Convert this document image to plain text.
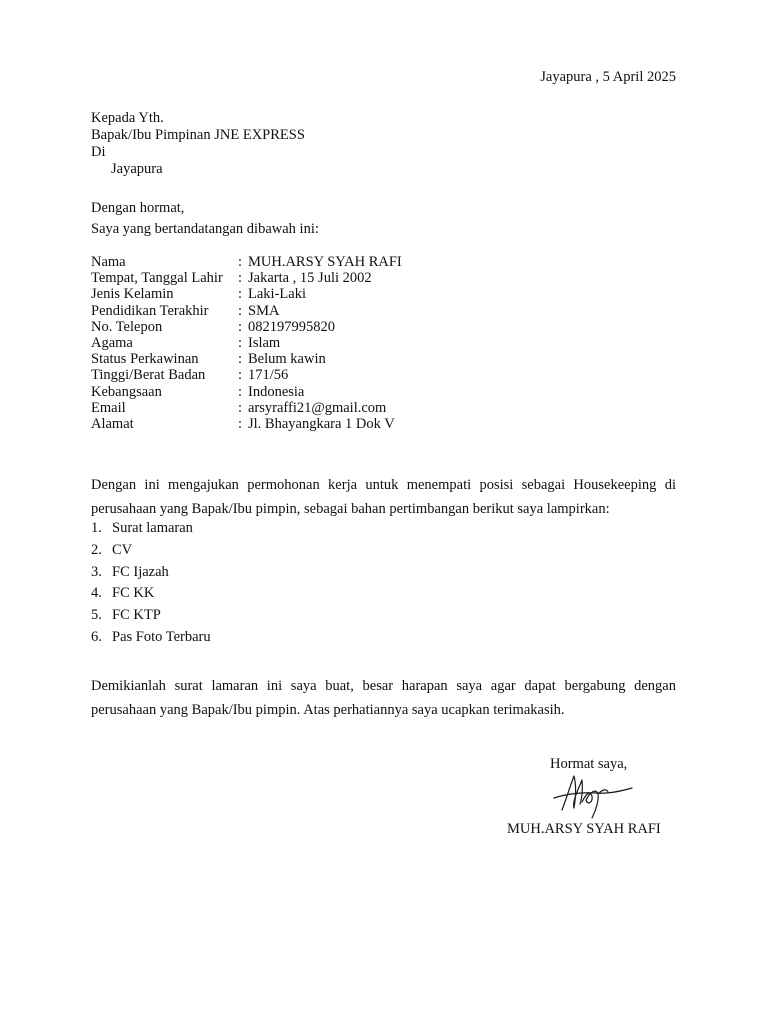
Jayapura , 5 April 2025
Kepada Yth.
Bapak/Ibu Pimpinan JNE EXPRESS
Di
Jayapura
Dengan hormat,
Saya yang bertandatangan dibawah ini:
Nama	: MUH.ARSY SYAH RAFI
Tempat, Tanggal Lahir	: Jakarta , 15 Juli 2002
Jenis Kelamin	: Laki-Laki
Pendidikan Terakhir	: SMA
No. Telepon	: 082197995820
Agama	: Islam
Status Perkawinan	: Belum kawin
Tinggi/Berat Badan	: 171/56
Kebangsaan	: Indonesia
Email	: arsyraffi21@gmail.com
Alamat	: Jl. Bhayangkara 1 Dok V
Dengan ini mengajukan permohonan kerja untuk menempati posisi sebagai Housekeeping di perusahaan yang Bapak/Ibu pimpin, sebagai bahan pertimbangan berikut saya lampirkan:
1. Surat lamaran
2. CV
3. FC Ijazah
4. FC KK
5. FC KTP
6. Pas Foto Terbaru
Demikianlah surat lamaran ini saya buat, besar harapan saya agar dapat bergabung dengan perusahaan yang Bapak/Ibu pimpin. Atas perhatiannya saya ucapkan terimakasih.
Hormat saya,
MUH.ARSY SYAH RAFI
